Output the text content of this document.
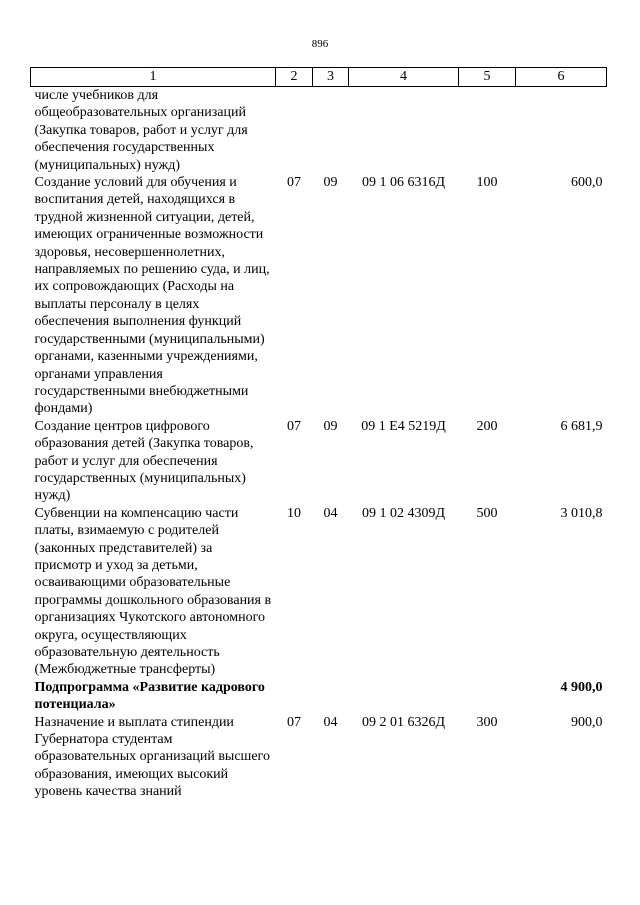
896
1	2	3	4	5	6
числе учебников для общеобразовательных организаций (Закупка товаров, работ и услуг для обеспечения государственных (муниципальных) нужд)					
Создание условий для обучения и воспитания детей, находящихся в трудной жизненной ситуации, детей, имеющих ограниченные возможности здоровья, несовершеннолетних, направляемых по решению суда, и лиц, их сопровождающих (Расходы на выплаты персоналу в целях обеспечения выполнения функций государственными (муниципальными) органами, казенными учреждениями, органами управления государственными внебюджетными фондами)	07	09	09 1 06 6316Д	100	600,0
Создание центров цифрового образования детей (Закупка товаров, работ и услуг для обеспечения государственных (муниципальных) нужд)	07	09	09 1 E4 5219Д	200	6 681,9
Субвенции на компенсацию части платы, взимаемую с родителей (законных представителей) за присмотр и уход за детьми, осваивающими образовательные программы дошкольного образования в организациях Чукотского автономного округа, осуществляющих образовательную деятельность (Межбюджетные трансферты)	10	04	09 1 02 4309Д	500	3 010,8
Подпрограмма «Развитие кадрового потенциала»					4 900,0
Назначение и выплата стипендии Губернатора студентам образовательных организаций высшего образования, имеющих высокий уровень качества знаний	07	04	09 2 01 6326Д	300	900,0
